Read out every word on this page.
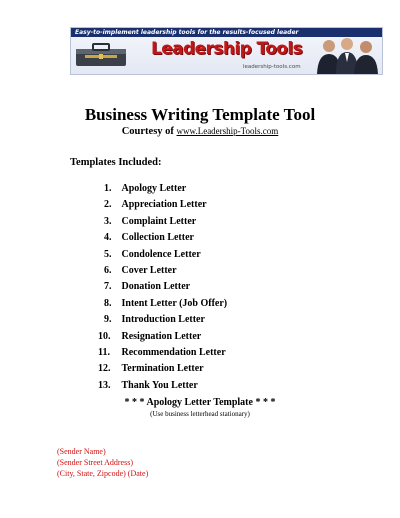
Easy-to-implement leadership tools for the results-focused leader
Leadership Tools
leadership-tools.com
Business Writing Template Tool
Courtesy of www.Leadership-Tools.com
Templates Included:
1.
	Apology Letter
2.
	Appreciation Letter
3.
	Complaint Letter
4.
	Collection Letter
5.
	Condolence Letter
6.
	Cover Letter
7.
	Donation Letter
8.
	Intent Letter (Job Offer)
9.
	Introduction Letter
10.
	Resignation Letter
11.
	Recommendation Letter
12.
	Termination Letter
13.
	Thank You Letter
* * * Apology Letter Template * * *
(Use business letterhead stationary)
(Sender Name)
(Sender Street Address)
(City, State, Zipcode) (Date)
